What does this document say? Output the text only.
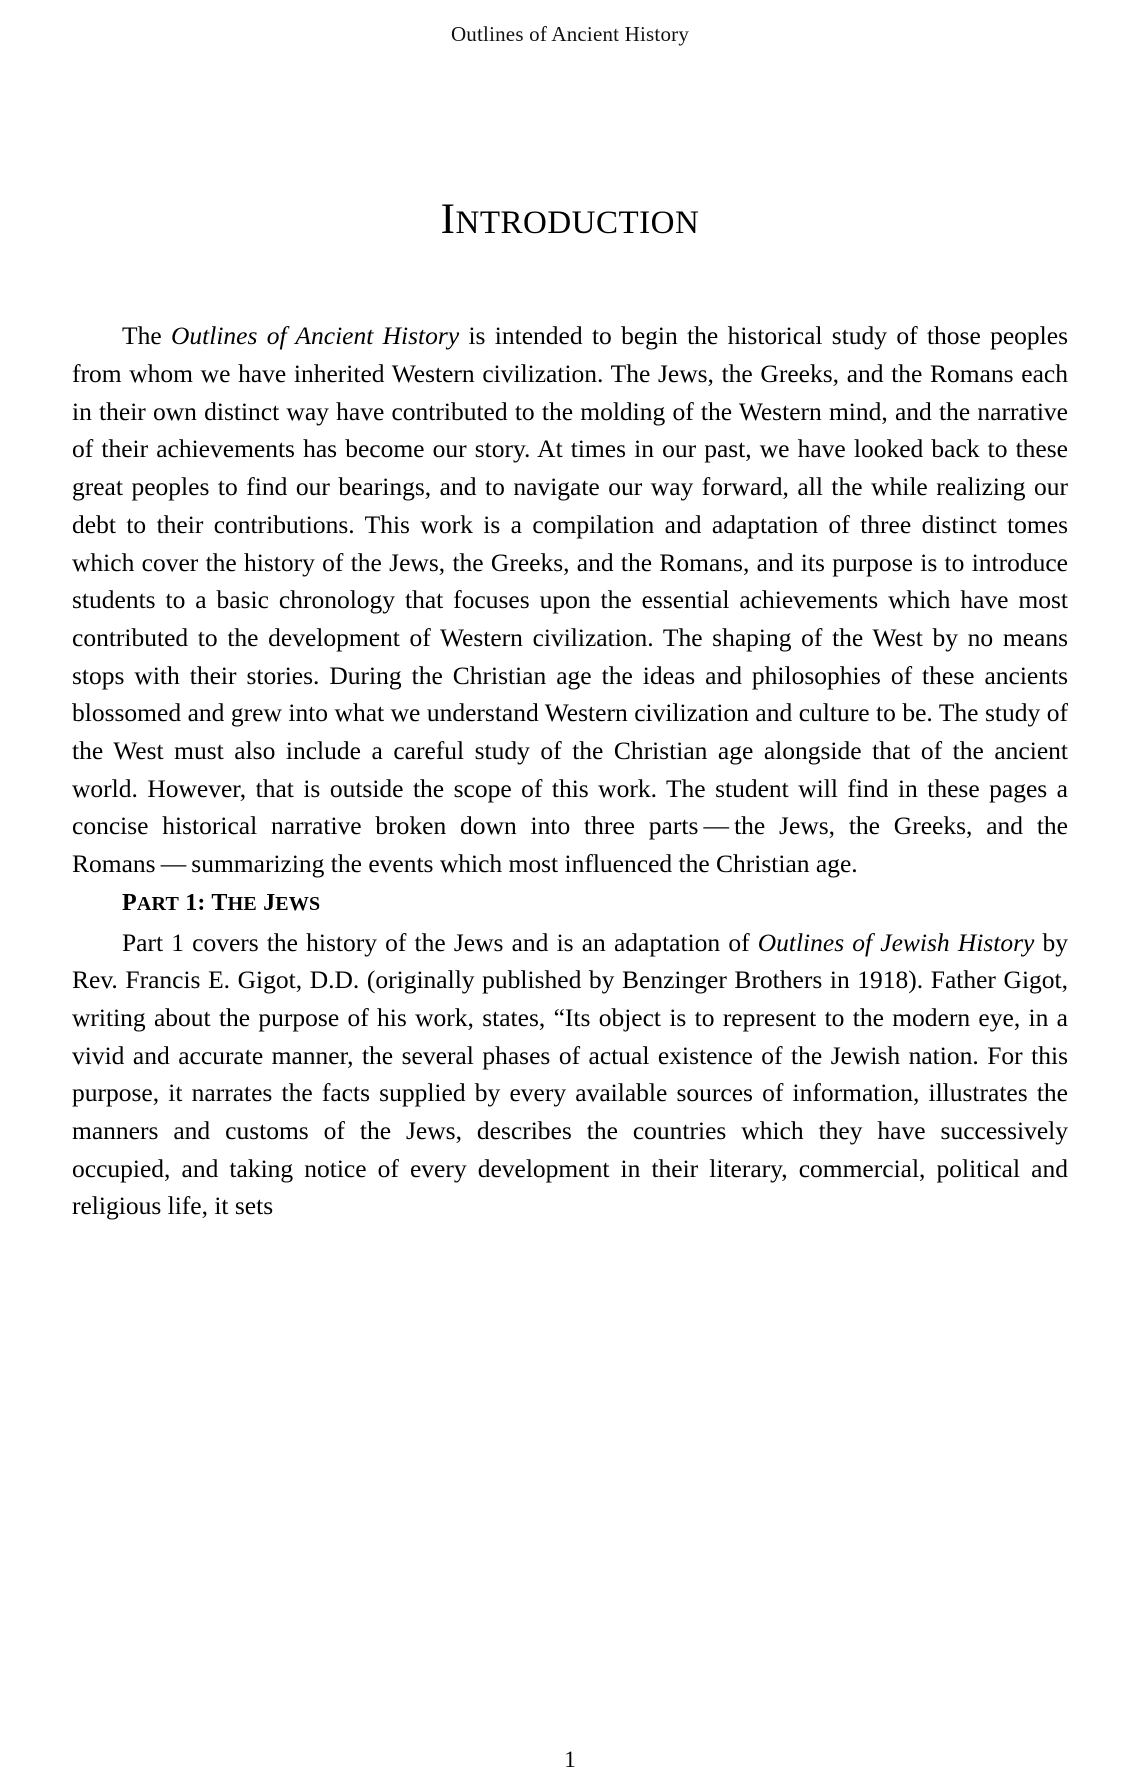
Outlines of Ancient History
INTRODUCTION

The Outlines of Ancient History is intended to begin the historical study of those peoples from whom we have inherited Western civilization. The Jews, the Greeks, and the Romans each in their own distinct way have contributed to the molding of the Western mind, and the narrative of their achievements has become our story. At times in our past, we have looked back to these great peoples to find our bearings, and to navigate our way forward, all the while realizing our debt to their contributions. This work is a compilation and adaptation of three distinct tomes which cover the history of the Jews, the Greeks, and the Romans, and its purpose is to introduce students to a basic chronology that focuses upon the essential achievements which have most contributed to the development of Western civilization. The shaping of the West by no means stops with their stories. During the Christian age the ideas and philosophies of these ancients blossomed and grew into what we understand Western civilization and culture to be. The study of the West must also include a careful study of the Christian age alongside that of the ancient world. However, that is outside the scope of this work. The student will find in these pages a concise historical narrative broken down into three parts — the Jews, the Greeks, and the Romans — summarizing the events which most influenced the Christian age.

PART 1: THE JEWS

Part 1 covers the history of the Jews and is an adaptation of Outlines of Jewish History by Rev. Francis E. Gigot, D.D. (originally published by Benzinger Brothers in 1918). Father Gigot, writing about the purpose of his work, states, “Its object is to represent to the modern eye, in a vivid and accurate manner, the several phases of actual existence of the Jewish nation. For this purpose, it narrates the facts supplied by every available sources of information, illustrates the manners and customs of the Jews, describes the countries which they have successively occupied, and taking notice of every development in their literary, commercial, political and religious life, it sets

1
